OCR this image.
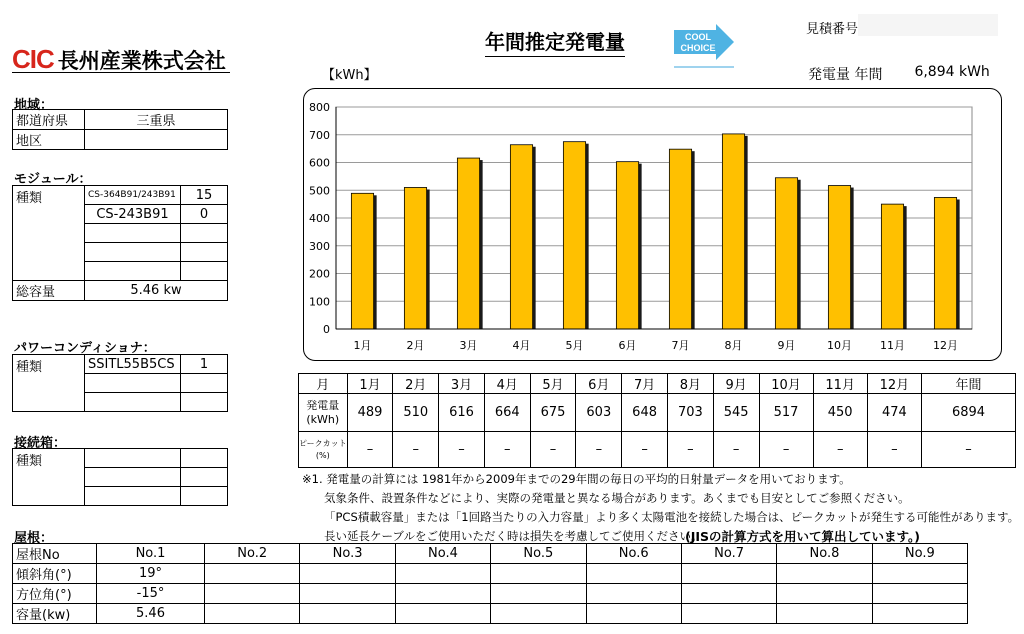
CIC 長州産業株式会社
年間推定発電量	COOL
CHOICE
見積番号
【kWh】	発電量 年間 6,894 kWh
地域：
都道府県	三重県
地区	
モジュール：
種類	CS-364B91/243B91	15
	CS-243B91	0

総容量	5.46 kw	
パワーコンディショナ：
種類	SSITL55B5CS	1

接続箱：
種類		

0
100
200
300
400
500
600
700
800
1月	2月	3月	4月	5月	6月	7月	8月	9月	10月	11月	12月
月	1月	2月	3月	4月	5月	6月	7月	8月	9月	10月	11月	12月	年間

発電量
(kWh)	489	510	616	664	675	603	648	703	545	517	450	474	6894

ピークカット
(%)	–	–	–	–	–	–	–	–	–	–	–	–	–
※1. 発電量の計算には 1981年から2009年までの29年間の毎日の平均的日射量データを用いております。
気象条件、設置条件などにより、実際の発電量と異なる場合があります。あくまでも目安としてご参照ください。
「PCS積載容量」または「1回路当たりの入力容量」より多く太陽電池を接続した場合は、ピークカットが発生する可能性があります。
長い延長ケーブルをご使用いただく時は損失を考慮してご使用ください。
(JISの計算方式を用いて算出しています。)
屋根：
屋根No	No.1	No.2	No.3	No.4	No.5	No.6	No.7	No.8	No.9
傾斜角(°)	19°								
方位角(°)	-15°								
容量(kw)	5.46								
